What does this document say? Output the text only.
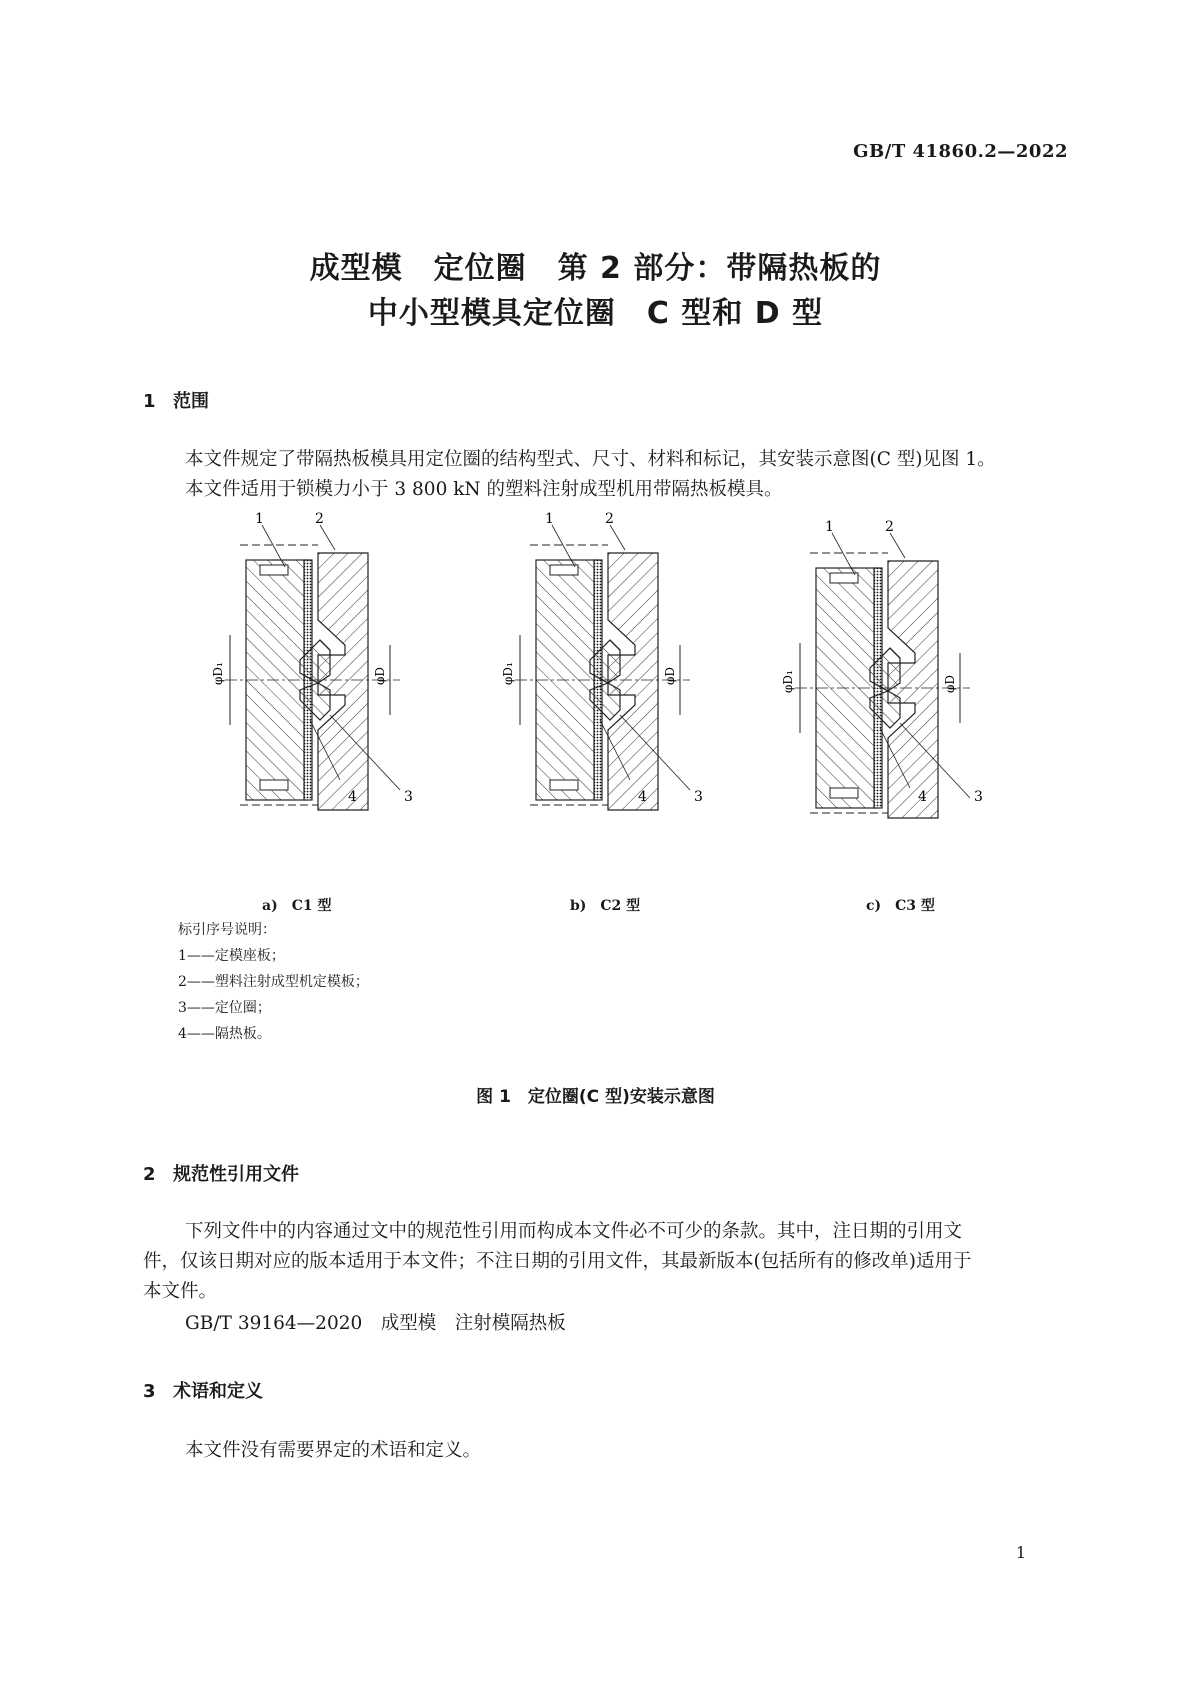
GB/T 41860.2—2022
成型模　定位圈　第 2 部分：带隔热板的
中小型模具定位圈　C 型和 D 型
1 范围
本文件规定了带隔热板模具用定位圈的结构型式、尺寸、材料和标记，其安装示意图(C 型)见图 1。
本文件适用于锁模力小于 3 800 kN 的塑料注射成型机用带隔热板模具。
φD₁	φD
1	2
3
4
φD₁	φD
1	2
3
4
φD₁	φD
1	2
3
4
a)　C1 型	b)　C2 型	c)　C3 型
标引序号说明：
1——定模座板；
2——塑料注射成型机定模板；
3——定位圈；
4——隔热板。
图 1　定位圈(C 型)安装示意图
2 规范性引用文件
下列文件中的内容通过文中的规范性引用而构成本文件必不可少的条款。其中，注日期的引用文
件，仅该日期对应的版本适用于本文件；不注日期的引用文件，其最新版本(包括所有的修改单)适用于
本文件。
GB/T 39164—2020　成型模　注射模隔热板
3 术语和定义
本文件没有需要界定的术语和定义。
1
